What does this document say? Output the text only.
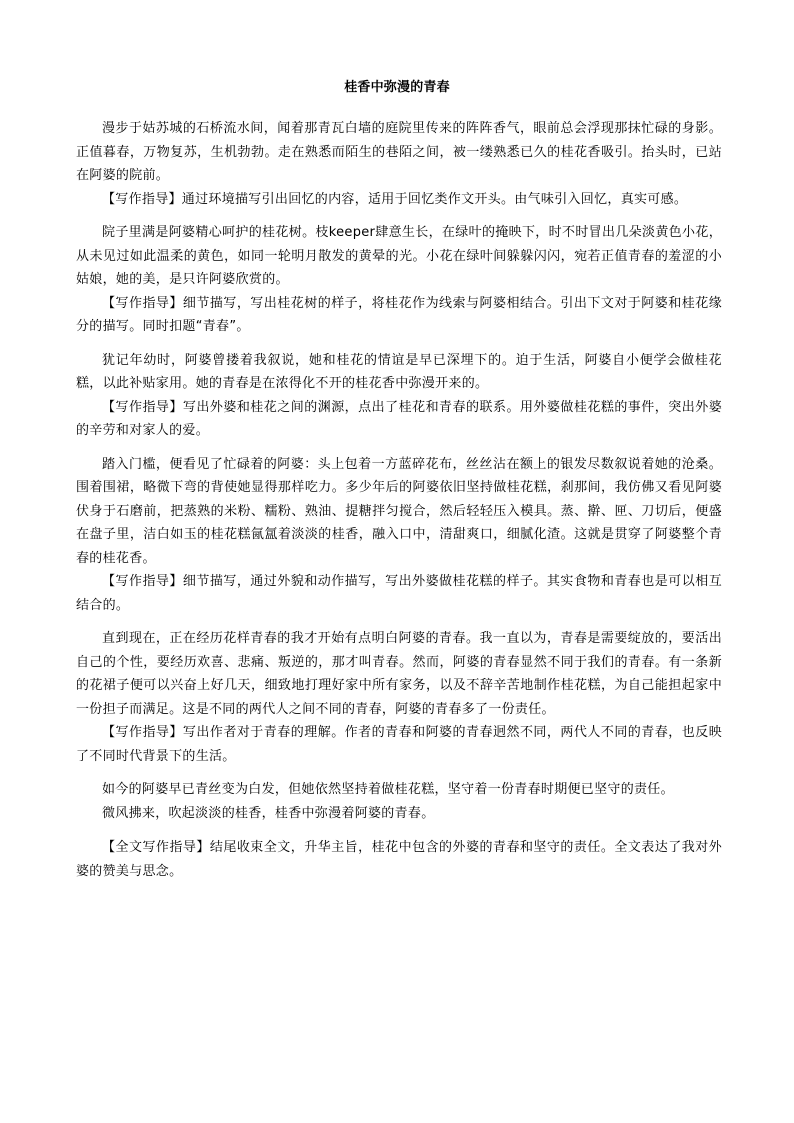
桂香中弥漫的青春

漫步于姑苏城的石桥流水间，闻着那青瓦白墙的庭院里传来的阵阵香气，眼前总会浮现那抹忙碌的身影。正值暮春，万物复苏，生机勃勃。走在熟悉而陌生的巷陌之间，被一缕熟悉已久的桂花香吸引。抬头时，已站在阿婆的院前。

【写作指导】通过环境描写引出回忆的内容，适用于回忆类作文开头。由气味引入回忆，真实可感。

院子里满是阿婆精心呵护的桂花树。枝keeper肆意生长，在绿叶的掩映下，时不时冒出几朵淡黄色小花，从未见过如此温柔的黄色，如同一轮明月散发的黄晕的光。小花在绿叶间躲躲闪闪，宛若正值青春的羞涩的小姑娘，她的美，是只许阿婆欣赏的。

【写作指导】细节描写，写出桂花树的样子，将桂花作为线索与阿婆相结合。引出下文对于阿婆和桂花缘分的描写。同时扣题“青春”。

犹记年幼时，阿婆曾搂着我叙说，她和桂花的情谊是早已深埋下的。迫于生活，阿婆自小便学会做桂花糕，以此补贴家用。她的青春是在浓得化不开的桂花香中弥漫开来的。

【写作指导】写出外婆和桂花之间的渊源，点出了桂花和青春的联系。用外婆做桂花糕的事件，突出外婆的辛劳和对家人的爱。

踏入门槛，便看见了忙碌着的阿婆：头上包着一方蓝碎花布，丝丝沾在额上的银发尽数叙说着她的沧桑。围着围裙，略微下弯的背使她显得那样吃力。多少年后的阿婆依旧坚持做桂花糕，刹那间，我仿佛又看见阿婆伏身于石磨前，把蒸熟的米粉、糯粉、熟油、提糖拌匀搅合，然后轻轻压入模具。蒸、擀、匣、刀切后，便盛在盘子里，洁白如玉的桂花糕氤氲着淡淡的桂香，融入口中，清甜爽口，细腻化渣。这就是贯穿了阿婆整个青春的桂花香。

【写作指导】细节描写，通过外貌和动作描写，写出外婆做桂花糕的样子。其实食物和青春也是可以相互结合的。

直到现在，正在经历花样青春的我才开始有点明白阿婆的青春。我一直以为，青春是需要绽放的，要活出自己的个性，要经历欢喜、悲痛、叛逆的，那才叫青春。然而，阿婆的青春显然不同于我们的青春。有一条新的花裙子便可以兴奋上好几天，细致地打理好家中所有家务，以及不辞辛苦地制作桂花糕，为自己能担起家中一份担子而满足。这是不同的两代人之间不同的青春，阿婆的青春多了一份责任。

【写作指导】写出作者对于青春的理解。作者的青春和阿婆的青春迥然不同，两代人不同的青春，也反映了不同时代背景下的生活。

如今的阿婆早已青丝变为白发，但她依然坚持着做桂花糕，坚守着一份青春时期便已坚守的责任。

微风拂来，吹起淡淡的桂香，桂香中弥漫着阿婆的青春。

【全文写作指导】结尾收束全文，升华主旨，桂花中包含的外婆的青春和坚守的责任。全文表达了我对外婆的赞美与思念。
